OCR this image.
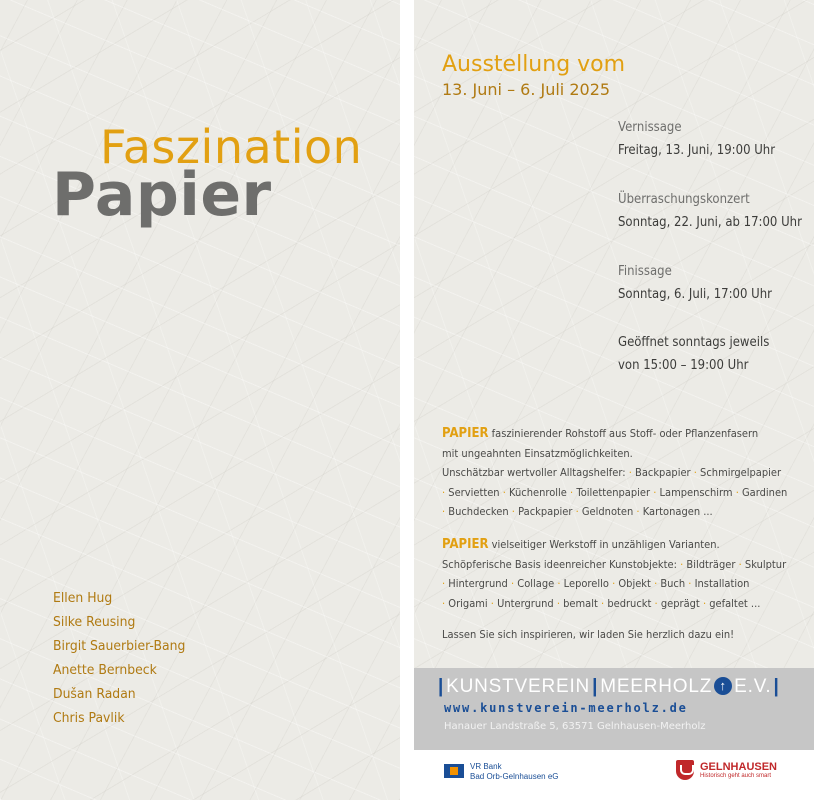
Faszination
Papier
Ellen Hug
Silke Reusing
Birgit Sauerbier-Bang
Anette Bernbeck
Dušan Radan
Chris Pavlik
Ausstellung vom
13. Juni – 6. Juli 2025
Vernissage
Freitag, 13. Juni, 19:00 Uhr
Überraschungskonzert
Sonntag, 22. Juni, ab 17:00 Uhr
Finissage
Sonntag, 6. Juli, 17:00 Uhr
Geöffnet sonntags jeweils
von 15:00 – 19:00 Uhr
PAPIER faszinierender Rohstoff aus Stoff- oder Pflanzenfasern
mit ungeahnten Einsatzmöglichkeiten.
Unschätzbar wertvoller Alltagshelfer: · Backpapier · Schmirgelpapier
· Servietten · Küchenrolle · Toilettenpapier · Lampenschirm · Gardinen
· Buchdecken · Packpapier · Geldnoten · Kartonagen ...
PAPIER vielseitiger Werkstoff in unzähligen Varianten.
Schöpferische Basis ideenreicher Kunstobjekte: · Bildträger · Skulptur
· Hintergrund · Collage · Leporello · Objekt · Buch · Installation
· Origami · Untergrund · bemalt · bedruckt · geprägt · gefaltet ...
Lassen Sie sich inspirieren, wir laden Sie herzlich dazu ein!
| KUNSTVEREIN | MEERHOLZ ↑ E.V. |
www.kunstverein-meerholz.de
Hanauer Landstraße 5, 63571 Gelnhausen-Meerholz
VR Bank
Bad Orb-Gelnhausen eG
GELNHAUSEN
Historisch geht auch smart
